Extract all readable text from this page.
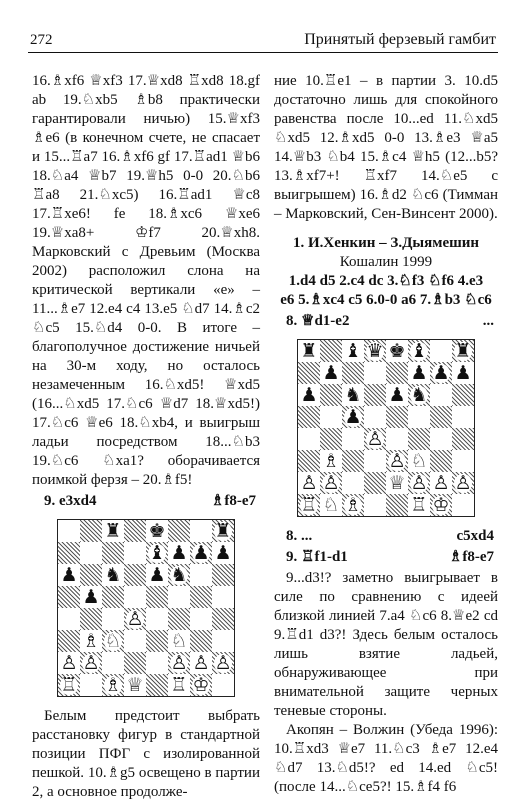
272	Принятый ферзевый гамбит

16.♗xf6 ♕xf3 17.♕xd8 ♖xd8 18.gf ab 19.♘xb5 ♗b8 практически гарантировали ничью) 15.♕xf3 ♗e6 (в конечном счете, не спасает и 15...♖a7 16.♗xf6 gf 17.♖ad1 ♕b6 18.♘a4 ♕b7 19.♕h5 0-0 20.♘b6 ♖a8 21.♘xc5) 16.♖ad1 ♕c8 17.♖xe6! fe 18.♗xc6 ♕xe6 19.♕xa8+ ♔f7 20.♕xh8. Марковский с Древьим (Москва 2002) расположил слона на критической вертикали «е» – 11...♗e7 12.e4 c4 13.e5 ♘d7 14.♗c2 ♘c5 15.♘d4 0-0. В итоге – благополучное достижение ничьей на 30-м ходу, но осталось незамеченным 16.♘xd5! ♕xd5 (16...♘xd5 17.♘c6 ♕d7 18.♕xd5!) 17.♘c6 ♕e6 18.♘xb4, и выигрыш ладьи посредством 18...♘b3 19.♘c6 ♘xa1? оборачивается поимкой ферзя – 20.♗f5!

9. e3xd4	♗f8-e7
♜ ♚	♜
♝ ♟ ♟ ♟
♟ ♞ ♟ ♞
♟
♙
♗ ♘	♘
♙ ♙	♙ ♙ ♙
♖ ♗ ♕ ♖ ♔

Белым предстоит выбрать расстановку фигур в стандартной позиции ПФГ с изолированной пешкой. 10.♗g5 освещено в партии 2, а основное продолже-

ние 10.♖e1 – в партии 3. 10.d5 достаточно лишь для спокойного равенства после 10...ed 11.♘xd5 ♘xd5 12.♗xd5 0-0 13.♗e3 ♕a5 14.♕b3 ♘b4 15.♗c4 ♕h5 (12...b5? 13.♗xf7+! ♖xf7 14.♘e5 с выигрышем) 16.♗d2 ♘c6 (Тимман – Марковский, Сен-Винсент 2000).

1. И.Хенкин – З.Дыямешин
Кошалин 1999
1.d4 d5 2.c4 dc 3.♘f3 ♘f6 4.e3
e6 5.♗xc4 c5 6.0-0 a6 7.♗b3 ♘c6
8. ♕d1-e2	...
♜ ♝ ♛ ♚ ♝ ♜
♟	♟ ♟ ♟
♟ ♞ ♟ ♞
♟
♙
♗	♙ ♘
♙ ♙	♕ ♙ ♙ ♙
♖ ♘ ♗	♖ ♔
8. ...	c5xd4
9. ♖f1-d1	♗f8-e7

9...d3!? заметно выигрывает в силе по сравнению с идеей близкой линией 7.a4 ♘c6 8.♕e2 cd 9.♖d1 d3?! Здесь белым осталось лишь взятие ладьей, обнаруживающее при внимательной защите черных теневые стороны.

Акопян – Волжин (Убеда 1996): 10.♖xd3 ♕e7 11.♘c3 ♗e7 12.e4 ♘d7 13.♘d5!? ed 14.ed ♘c5! (после 14...♘ce5?! 15.♗f4 f6
